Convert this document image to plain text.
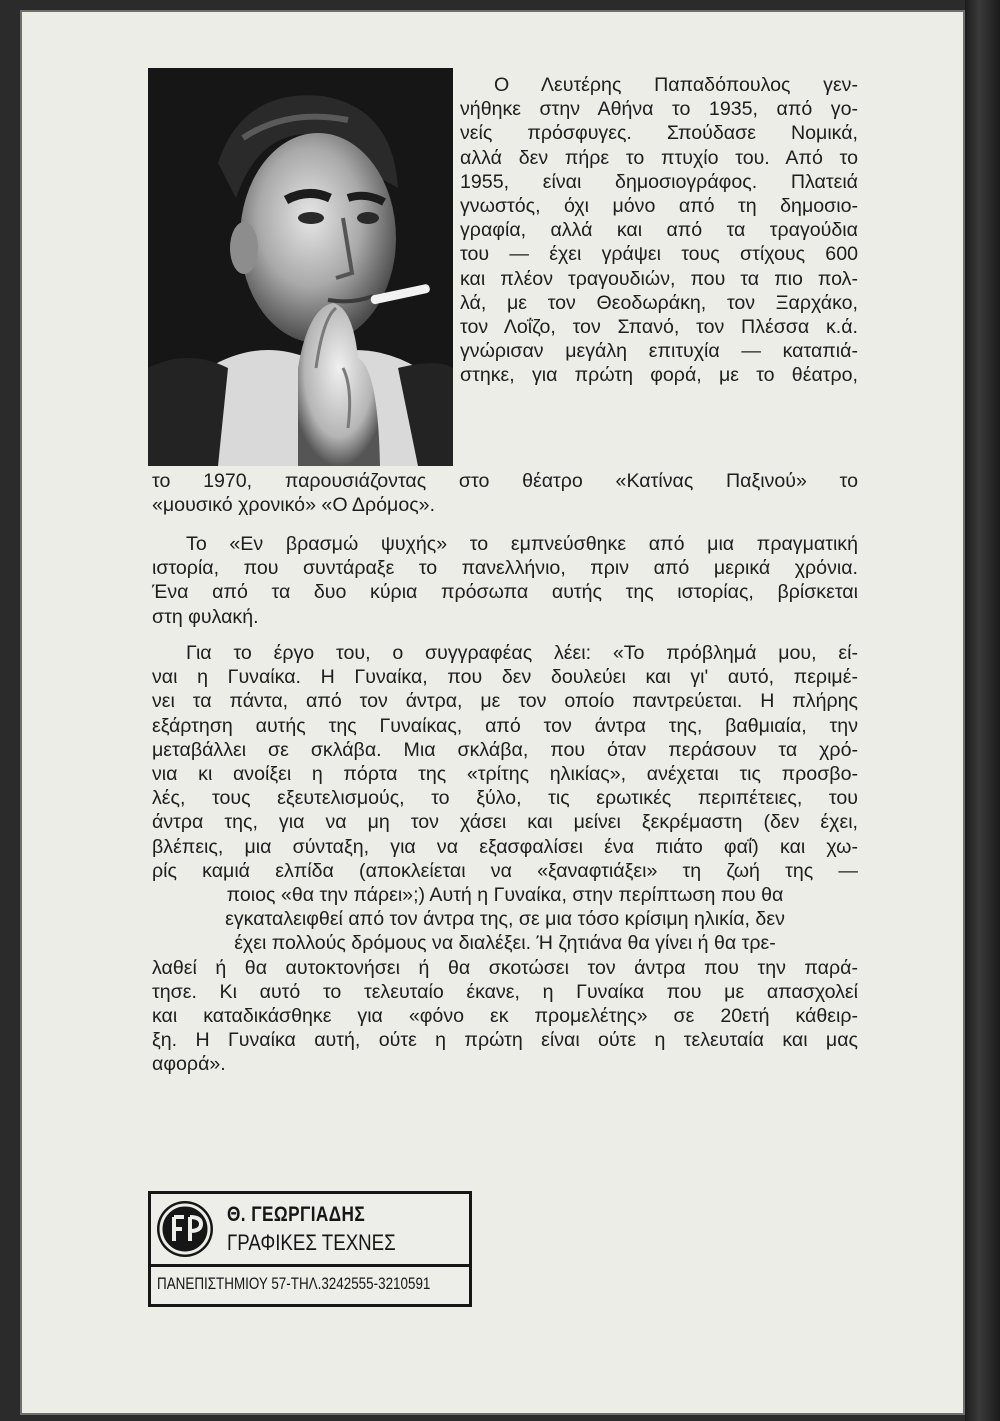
Ο Λευτέρης Παπαδόπουλος γεν-
νήθηκε στην Αθήνα το 1935, από γο-
νείς πρόσφυγες. Σπούδασε Νομικά,
αλλά δεν πήρε το πτυχίο του. Από το
1955, είναι δημοσιογράφος. Πλατειά
γνωστός, όχι μόνο από τη δημοσιο-
γραφία, αλλά και από τα τραγούδια
του — έχει γράψει τους στίχους 600
και πλέον τραγουδιών, που τα πιο πολ-
λά, με τον Θεοδωράκη, τον Ξαρχάκο,
τον Λοΐζο, τον Σπανό, τον Πλέσσα κ.ά.
γνώρισαν μεγάλη επιτυχία — καταπιά-
στηκε, για πρώτη φορά, με το θέατρο,
το 1970, παρουσιάζοντας στο θέατρο «Κατίνας Παξινού» το
«μουσικό χρονικό» «Ο Δρόμος».
Το «Εν βρασμώ ψυχής» το εμπνεύσθηκε από μια πραγματική
ιστορία, που συντάραξε το πανελλήνιο, πριν από μερικά χρόνια.
Ένα από τα δυο κύρια πρόσωπα αυτής της ιστορίας, βρίσκεται
στη φυλακή.
Για το έργο του, ο συγγραφέας λέει: «Το πρόβλημά μου, εί-
ναι η Γυναίκα. Η Γυναίκα, που δεν δουλεύει και γι' αυτό, περιμέ-
νει τα πάντα, από τον άντρα, με τον οποίο παντρεύεται. Η πλήρης
εξάρτηση αυτής της Γυναίκας, από τον άντρα της, βαθμιαία, την
μεταβάλλει σε σκλάβα. Μια σκλάβα, που όταν περάσουν τα χρό-
νια κι ανοίξει η πόρτα της «τρίτης ηλικίας», ανέχεται τις προσβο-
λές, τους εξευτελισμούς, το ξύλο, τις ερωτικές περιπέτειες, του
άντρα της, για να μη τον χάσει και μείνει ξεκρέμαστη (δεν έχει,
βλέπεις, μια σύνταξη, για να εξασφαλίσει ένα πιάτο φαΐ) και χω-
ρίς καμιά ελπίδα (αποκλείεται να «ξαναφτιάξει» τη ζωή της —
ποιος «θα την πάρει»;) Αυτή η Γυναίκα, στην περίπτωση που θα
εγκαταλειφθεί από τον άντρα της, σε μια τόσο κρίσιμη ηλικία, δεν
έχει πολλούς δρόμους να διαλέξει. Ή ζητιάνα θα γίνει ή θα τρε-
λαθεί ή θα αυτοκτονήσει ή θα σκοτώσει τον άντρα που την παρά-
τησε. Κι αυτό το τελευταίο έκανε, η Γυναίκα που με απασχολεί
και καταδικάσθηκε για «φόνο εκ προμελέτης» σε 20ετή κάθειρ-
ξη. Η Γυναίκα αυτή, ούτε η πρώτη είναι ούτε η τελευταία και μας
αφορά».
Θ. ΓΕΩΡΓΙΑΔΗΣ
ΓΡΑΦΙΚΕΣ ΤΕΧΝΕΣ
ΠΑΝΕΠΙΣΤΗΜΙΟΥ 57-ΤΗΛ.3242555-3210591
